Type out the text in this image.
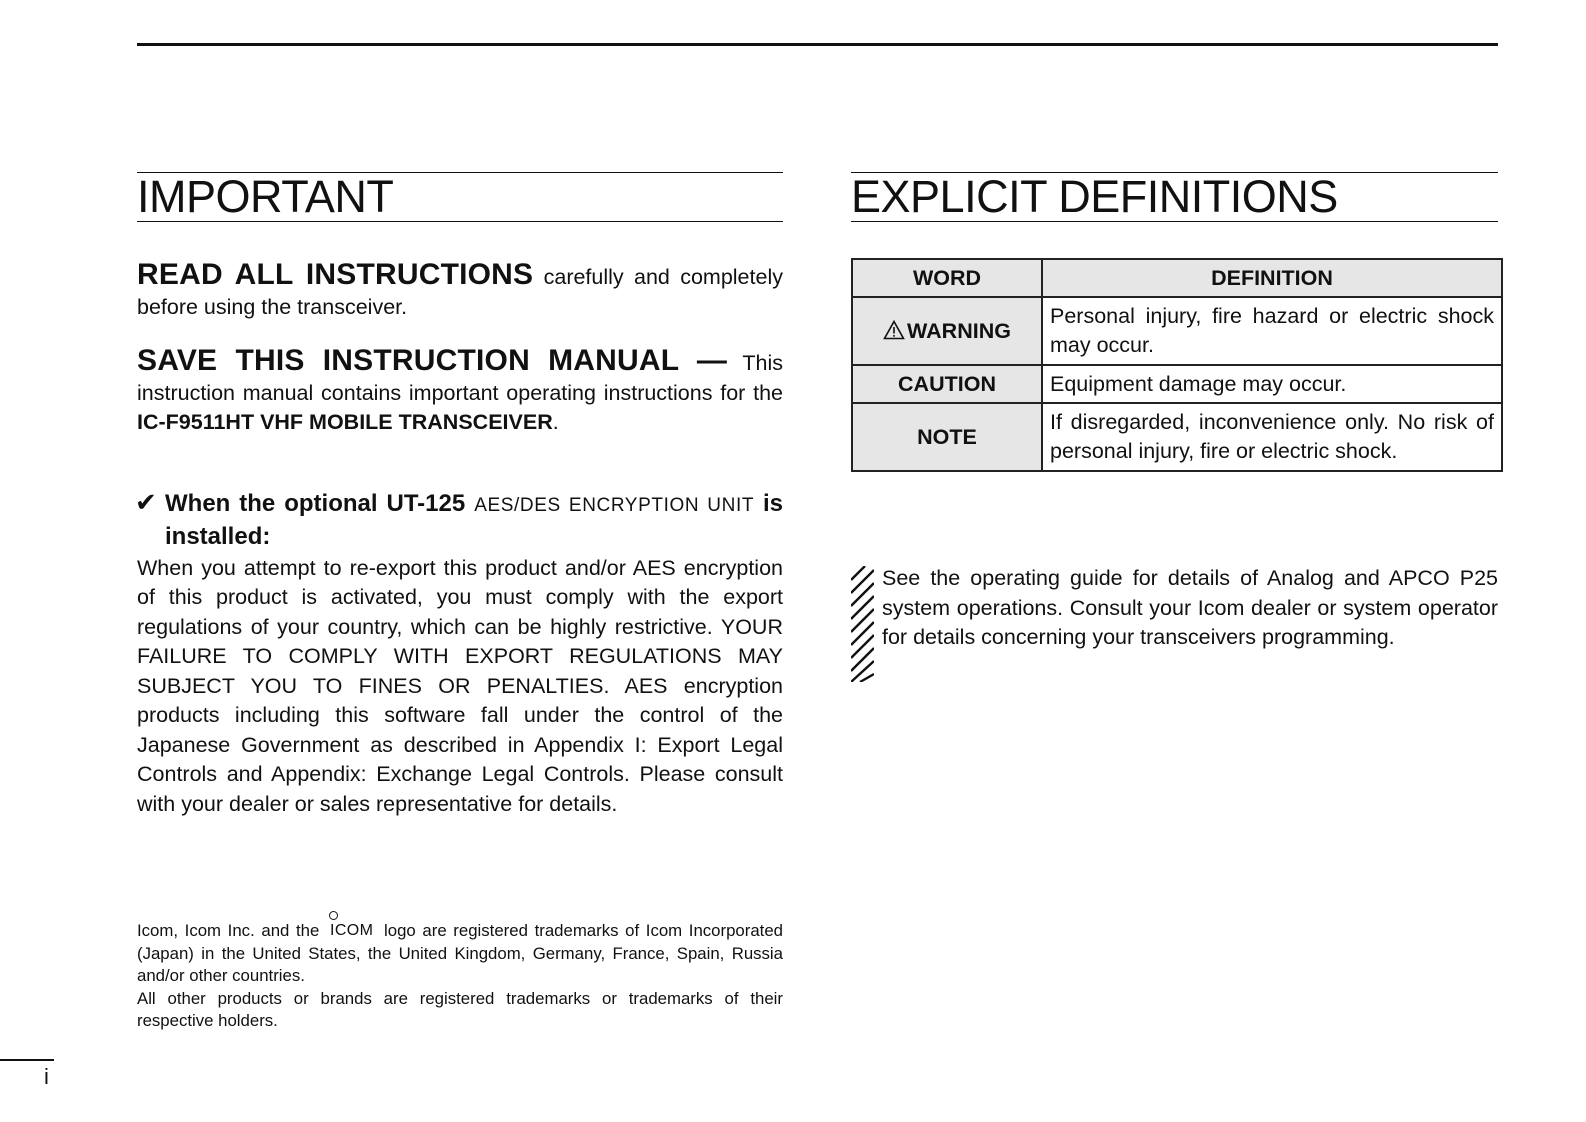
IMPORTANT

READ ALL INSTRUCTIONS carefully and completely before using the transceiver.

SAVE THIS INSTRUCTION MANUAL — This instruction manual contains important operating instructions for the IC-F9511HT VHF MOBILE TRANSCEIVER.

✔ When the optional UT-125 AES/DES ENCRYPTION UNIT is installed:

When you attempt to re-export this product and/or AES encryption of this product is activated, you must comply with the export regulations of your country, which can be highly restrictive. YOUR FAILURE TO COMPLY WITH EXPORT REGULATIONS MAY SUBJECT YOU TO FINES OR PENALTIES. AES encryption products including this software fall under the control of the Japanese Government as described in Appendix I: Export Legal Controls and Appendix: Exchange Legal Controls. Please consult with your dealer or sales representative for details.

Icom, Icom Inc. and the ICOM logo are registered trademarks of Icom Incorporated (Japan) in the United States, the United Kingdom, Germany, France, Spain, Russia and/or other countries.
All other products or brands are registered trademarks or trademarks of their respective holders.

i
EXPLICIT DEFINITIONS
WORD	DEFINITION
WARNING	Personal injury, fire hazard or electric shock may occur.
CAUTION	Equipment damage may occur.
NOTE	If disregarded, inconvenience only. No risk of personal injury, fire or electric shock.

See the operating guide for details of Analog and APCO P25 system operations. Consult your Icom dealer or system operator for details concerning your transceivers programming.
